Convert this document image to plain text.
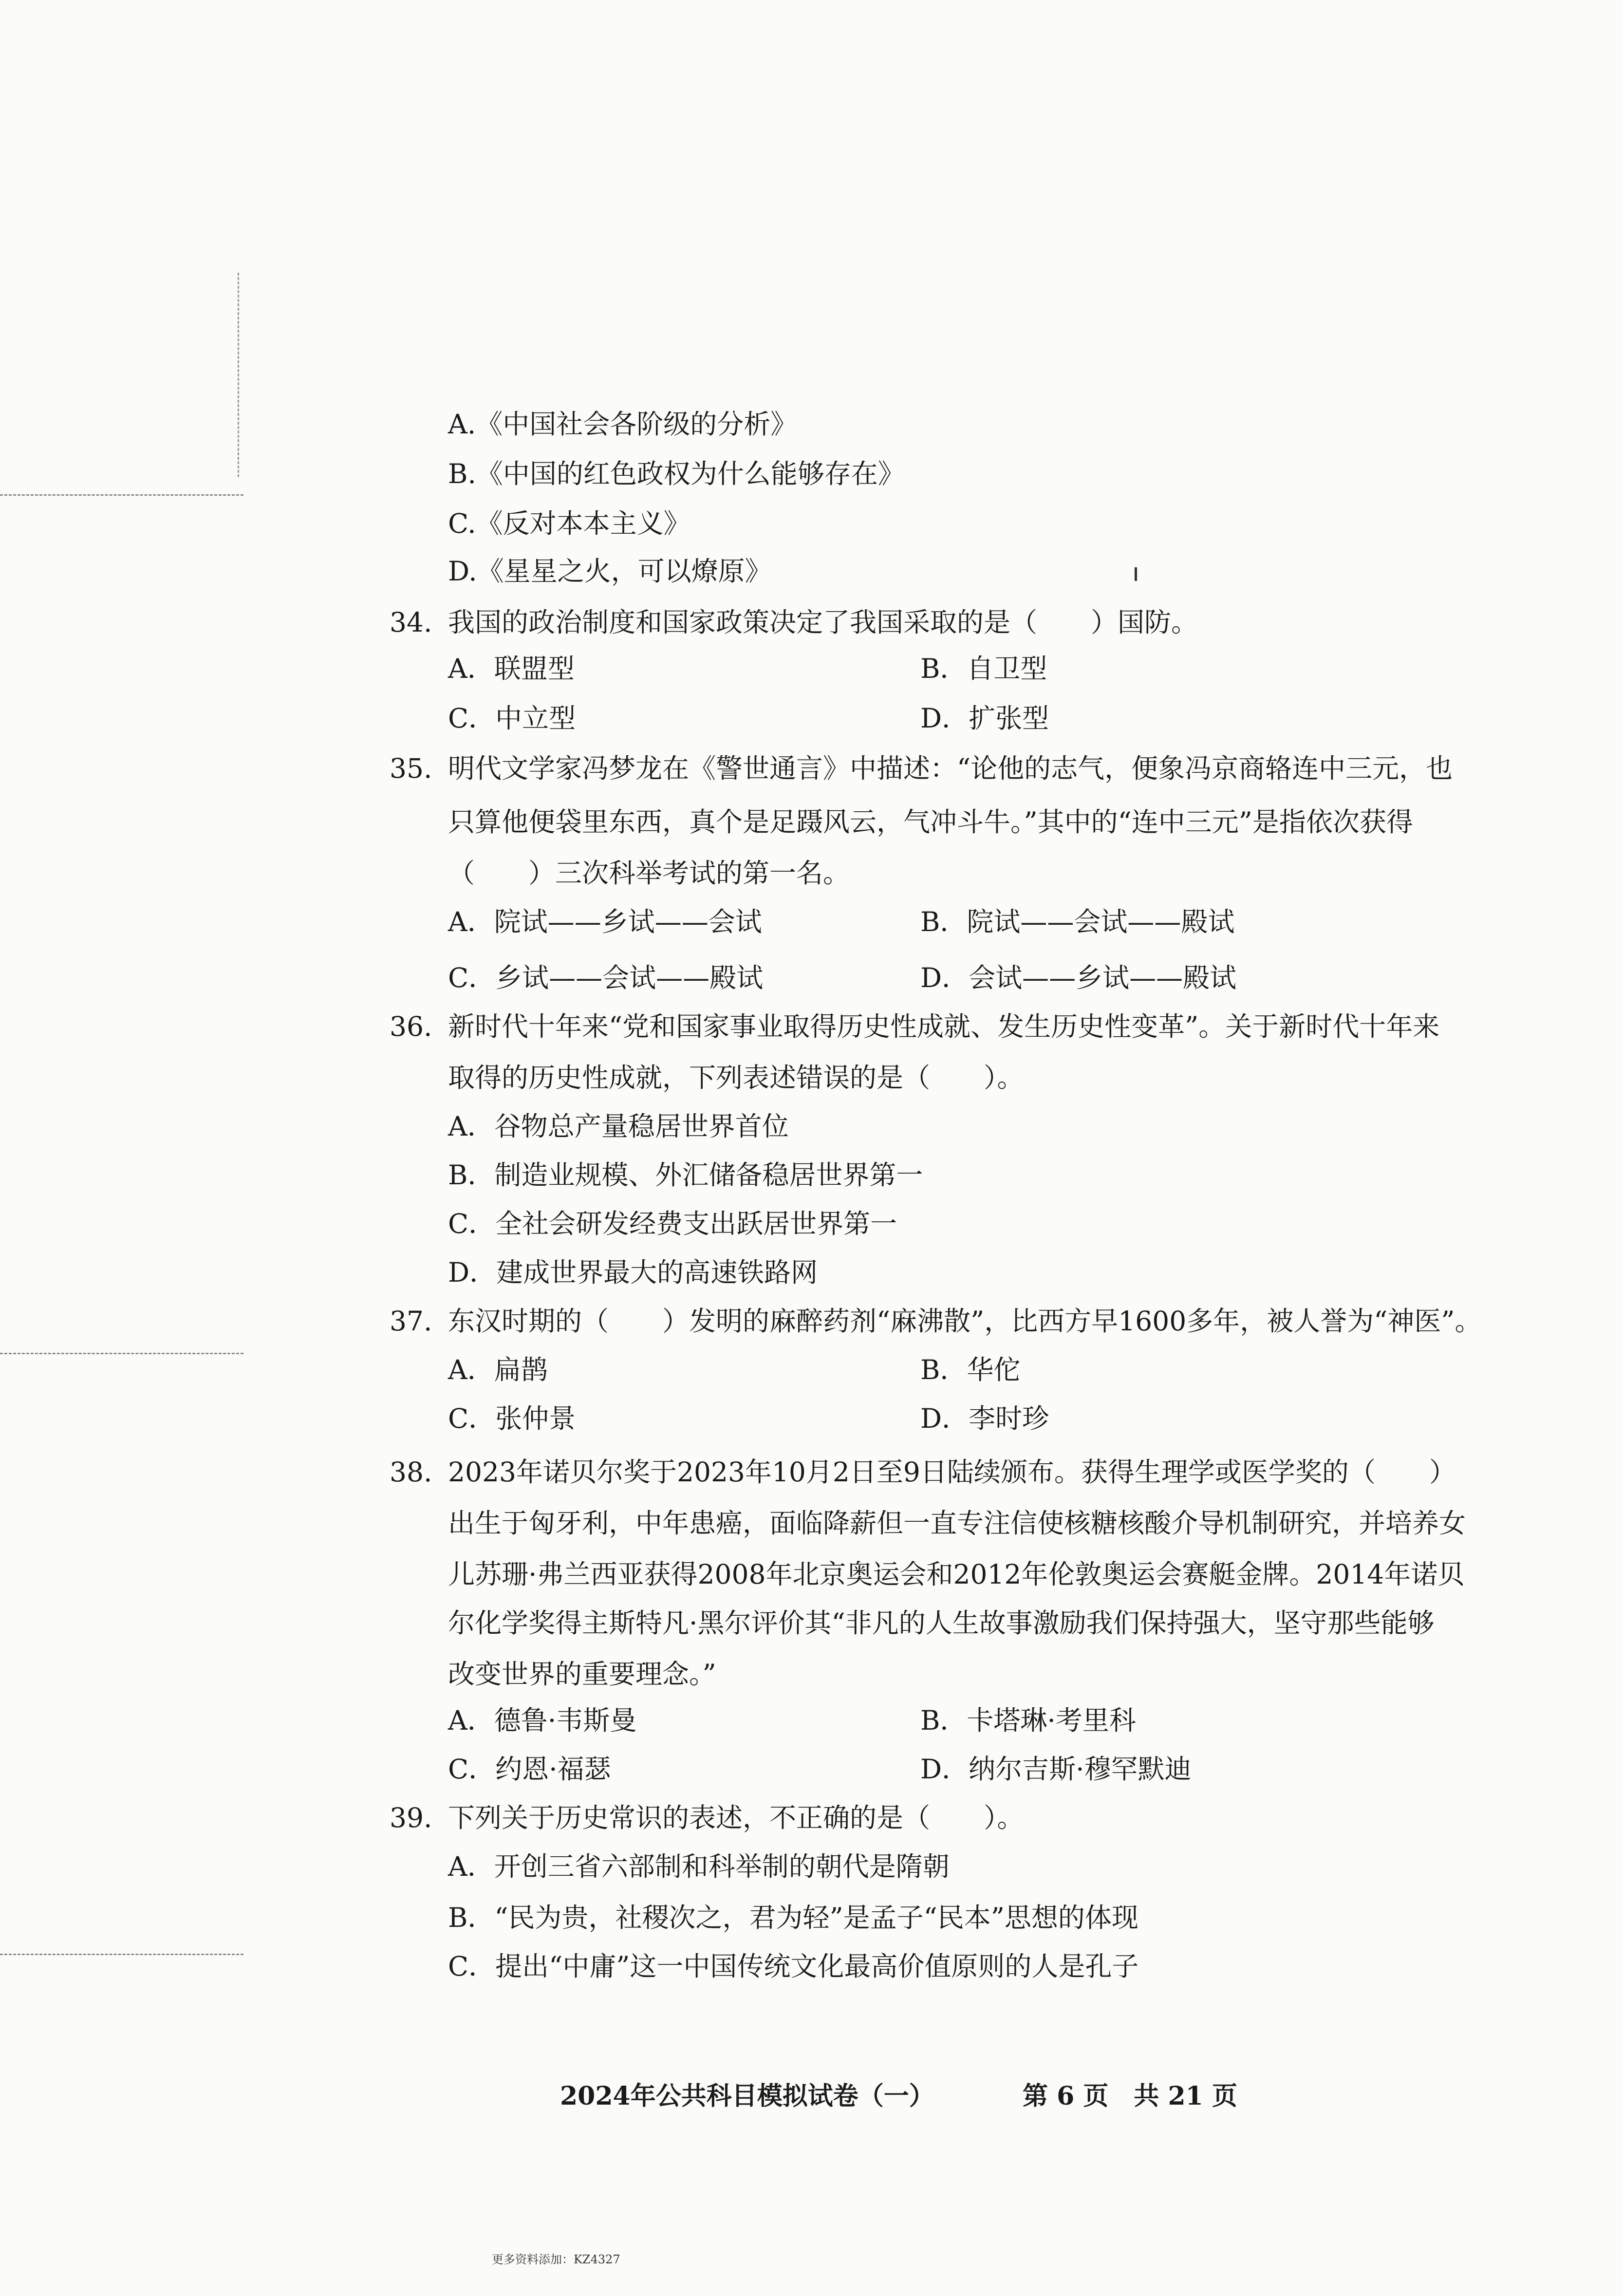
A.《中国社会各阶级的分析》
B.《中国的红色政权为什么能够存在》
C.《反对本本主义》
D.《星星之火，可以燎原》
34. 我国的政治制度和国家政策决定了我国采取的是（　　）国防。
A．联盟型	B．自卫型
C．中立型	D．扩张型
35. 明代文学家冯梦龙在《警世通言》中描述：“论他的志气，便象冯京商辂连中三元，也
只算他便袋里东西，真个是足蹑风云，气冲斗牛。”其中的“连中三元”是指依次获得
（　　）三次科举考试的第一名。
A．院试——乡试——会试	B．院试——会试——殿试
C．乡试——会试——殿试	D．会试——乡试——殿试
36. 新时代十年来“党和国家事业取得历史性成就、发生历史性变革”。关于新时代十年来
取得的历史性成就，下列表述错误的是（　　）。
A．谷物总产量稳居世界首位
B．制造业规模、外汇储备稳居世界第一
C．全社会研发经费支出跃居世界第一
D．建成世界最大的高速铁路网
37. 东汉时期的（　　）发明的麻醉药剂“麻沸散”，比西方早1600多年，被人誉为“神医”。
A．扁鹊	B．华佗
C．张仲景	D．李时珍
38. 2023年诺贝尔奖于2023年10月2日至9日陆续颁布。获得生理学或医学奖的（　　）
出生于匈牙利，中年患癌，面临降薪但一直专注信使核糖核酸介导机制研究，并培养女
儿苏珊·弗兰西亚获得2008年北京奥运会和2012年伦敦奥运会赛艇金牌。2014年诺贝
尔化学奖得主斯特凡·黑尔评价其“非凡的人生故事激励我们保持强大，坚守那些能够
改变世界的重要理念。”
A．德鲁·韦斯曼	B．卡塔琳·考里科
C．约恩·福瑟	D．纳尔吉斯·穆罕默迪
39. 下列关于历史常识的表述，不正确的是（　　）。
A．开创三省六部制和科举制的朝代是隋朝
B．“民为贵，社稷次之，君为轻”是孟子“民本”思想的体现
C．提出“中庸”这一中国传统文化最高价值原则的人是孔子
2024年公共科目模拟试卷（一）	第 6 页　共 21 页
更多资料添加：KZ4327
